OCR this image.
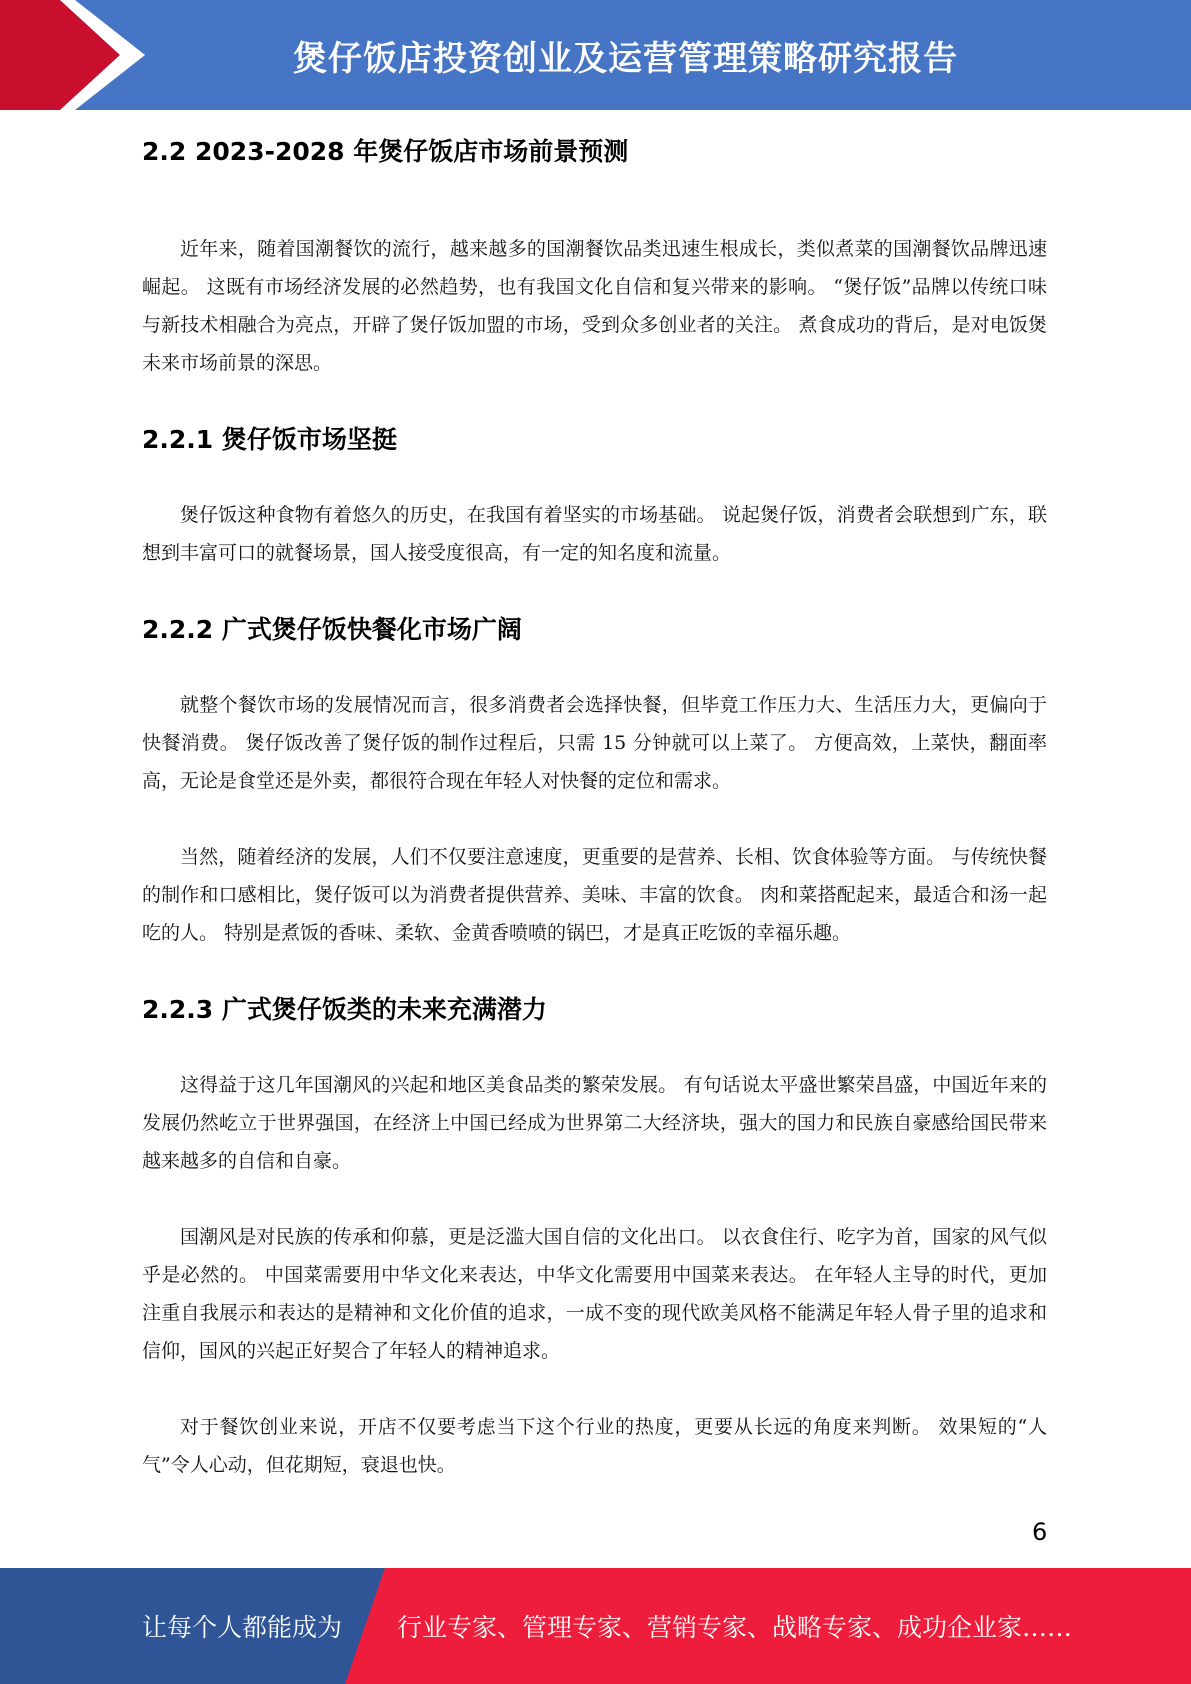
煲仔饭店投资创业及运营管理策略研究报告
2.2 2023-2028 年煲仔饭店市场前景预测

近年来，随着国潮餐饮的流行，越来越多的国潮餐饮品类迅速生根成长，类似煮菜的国潮餐饮品牌迅速崛起。 这既有市场经济发展的必然趋势，也有我国文化自信和复兴带来的影响。 “煲仔饭”品牌以传统口味与新技术相融合为亮点，开辟了煲仔饭加盟的市场，受到众多创业者的关注。 煮食成功的背后，是对电饭煲未来市场前景的深思。

2.2.1 煲仔饭市场坚挺

煲仔饭这种食物有着悠久的历史，在我国有着坚实的市场基础。 说起煲仔饭，消费者会联想到广东，联想到丰富可口的就餐场景，国人接受度很高，有一定的知名度和流量。

2.2.2 广式煲仔饭快餐化市场广阔

就整个餐饮市场的发展情况而言，很多消费者会选择快餐，但毕竟工作压力大、生活压力大，更偏向于快餐消费。 煲仔饭改善了煲仔饭的制作过程后，只需 15 分钟就可以上菜了。 方便高效，上菜快，翻面率高，无论是食堂还是外卖，都很符合现在年轻人对快餐的定位和需求。

当然，随着经济的发展，人们不仅要注意速度，更重要的是营养、长相、饮食体验等方面。 与传统快餐的制作和口感相比，煲仔饭可以为消费者提供营养、美味、丰富的饮食。 肉和菜搭配起来，最适合和汤一起吃的人。 特别是煮饭的香味、柔软、金黄香喷喷的锅巴，才是真正吃饭的幸福乐趣。

2.2.3 广式煲仔饭类的未来充满潜力

这得益于这几年国潮风的兴起和地区美食品类的繁荣发展。 有句话说太平盛世繁荣昌盛，中国近年来的发展仍然屹立于世界强国，在经济上中国已经成为世界第二大经济块，强大的国力和民族自豪感给国民带来越来越多的自信和自豪。

国潮风是对民族的传承和仰慕，更是泛滥大国自信的文化出口。 以衣食住行、吃字为首，国家的风气似乎是必然的。 中国菜需要用中华文化来表达，中华文化需要用中国菜来表达。 在年轻人主导的时代，更加注重自我展示和表达的是精神和文化价值的追求，一成不变的现代欧美风格不能满足年轻人骨子里的追求和信仰，国风的兴起正好契合了年轻人的精神追求。

对于餐饮创业来说，开店不仅要考虑当下这个行业的热度，更要从长远的角度来判断。 效果短的“人气”令人心动，但花期短，衰退也快。

6
让每个人都能成为 行业专家、管理专家、营销专家、战略专家、成功企业家……
